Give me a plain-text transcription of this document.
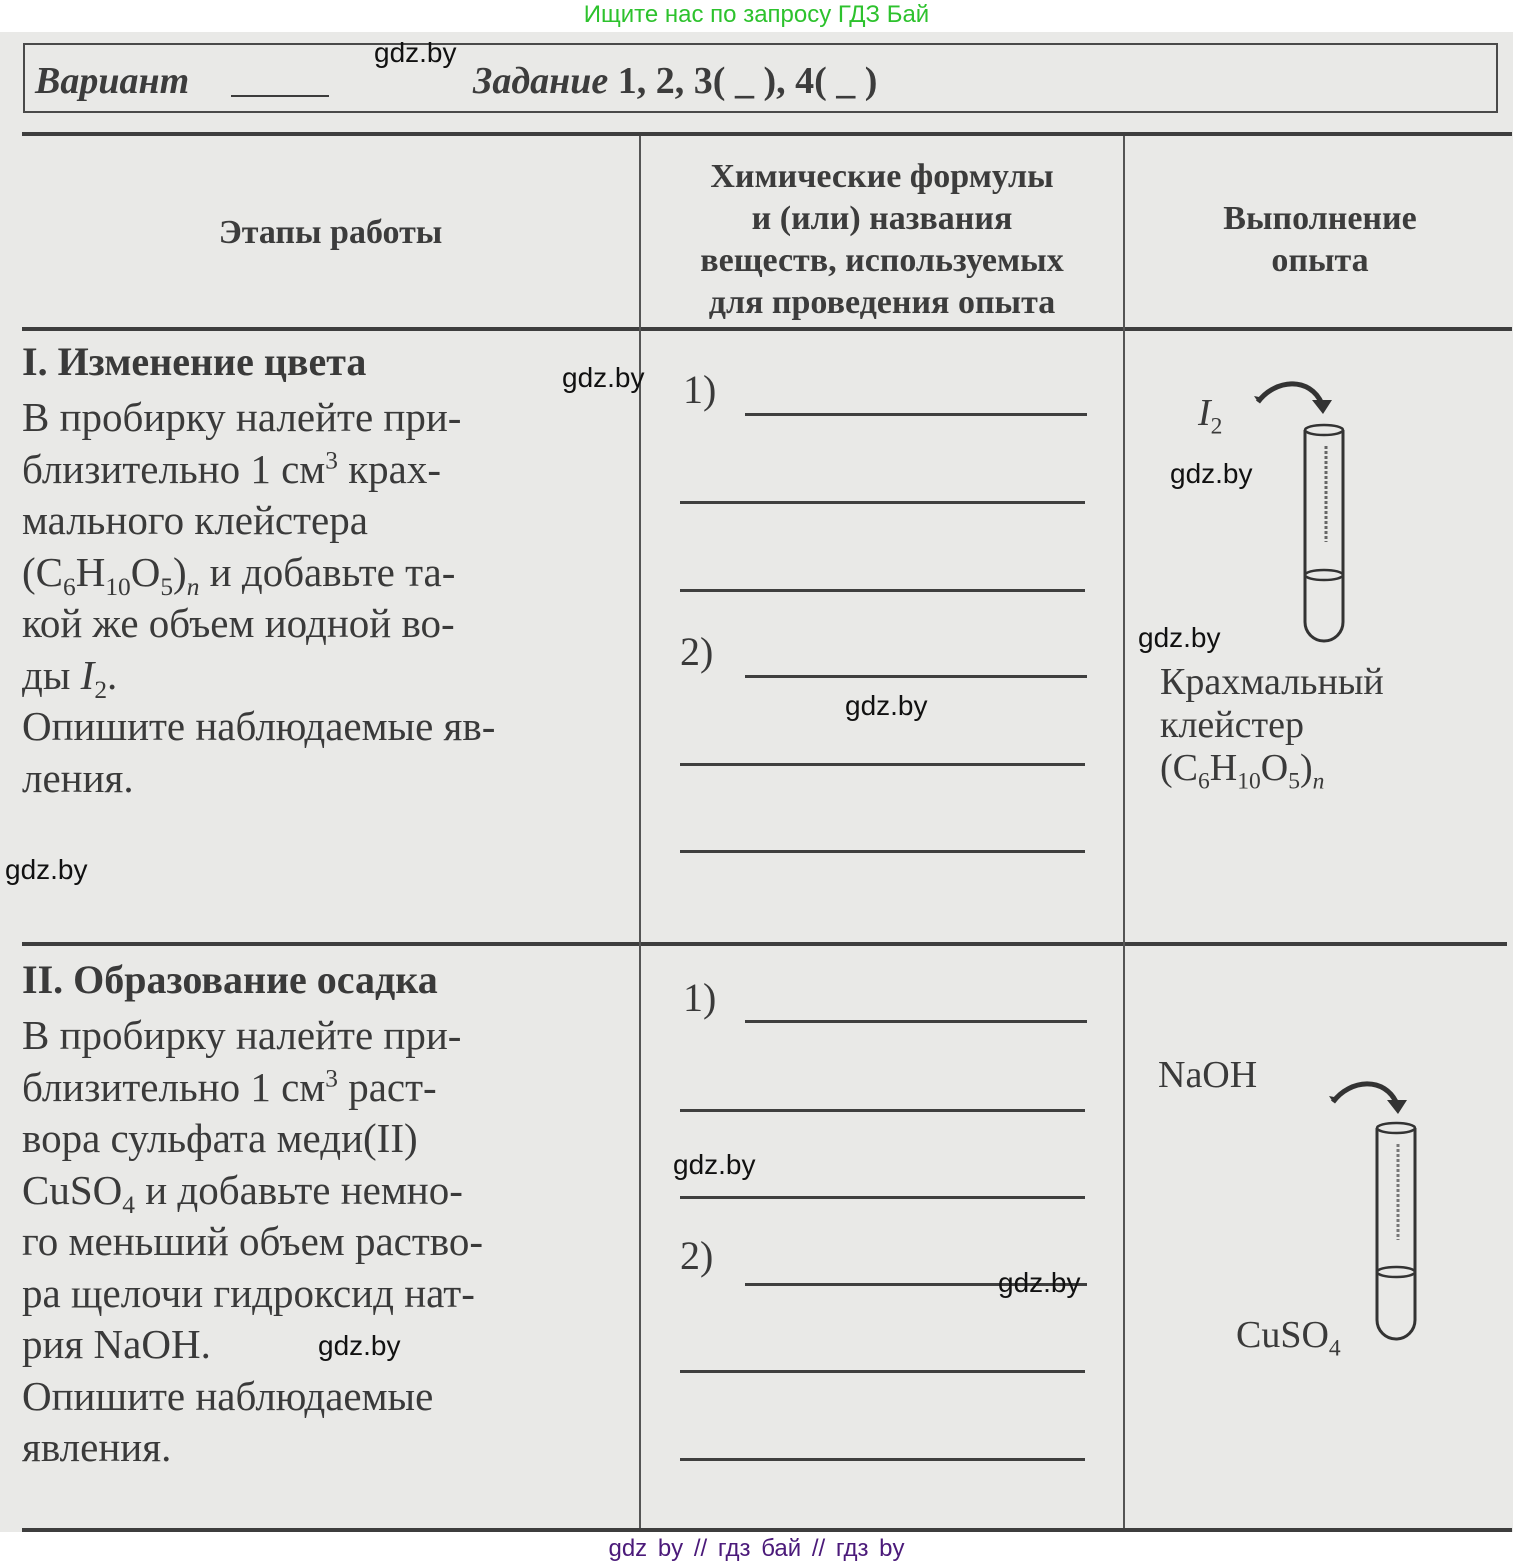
Ищите нас по запросу ГДЗ Бай
Вариант	Задание 1, 2, 3( _ ), 4( _ )
Этапы работы
Химические формулы
и (или) названия
веществ, используемых
для проведения опыта
Выполнение
опыта
I. Изменение цвета
В пробирку налейте при-
близительно 1 $см^3$ крах-
мального клейстера
$(C_6H_{10}O_5)_n$ и добавьте та-
кой же объем иодной во-
ды $I_2$.
Опишите наблюдаемые яв-
ления.
1)
2)
$I_2$
Крахмальный
клейстер
$(C_6H_{10}O_5)_n$
II. Образование осадка
В пробирку налейте при-
близительно 1 $см^3$ раст-
вора сульфата меди(II)
CuSO$_4$ и добавьте немно-
го меньший объем раство-
ра щелочи гидроксид нат-
рия NaOH.
Опишите наблюдаемые
явления.
1)
2)
NaOH
CuSO$_4$
gdz.by
gdz.by
gdz.by
gdz.by
gdz.by
gdz.by
gdz.by
gdz.by
gdz.by
gdz by // гдз бай // гдз by
